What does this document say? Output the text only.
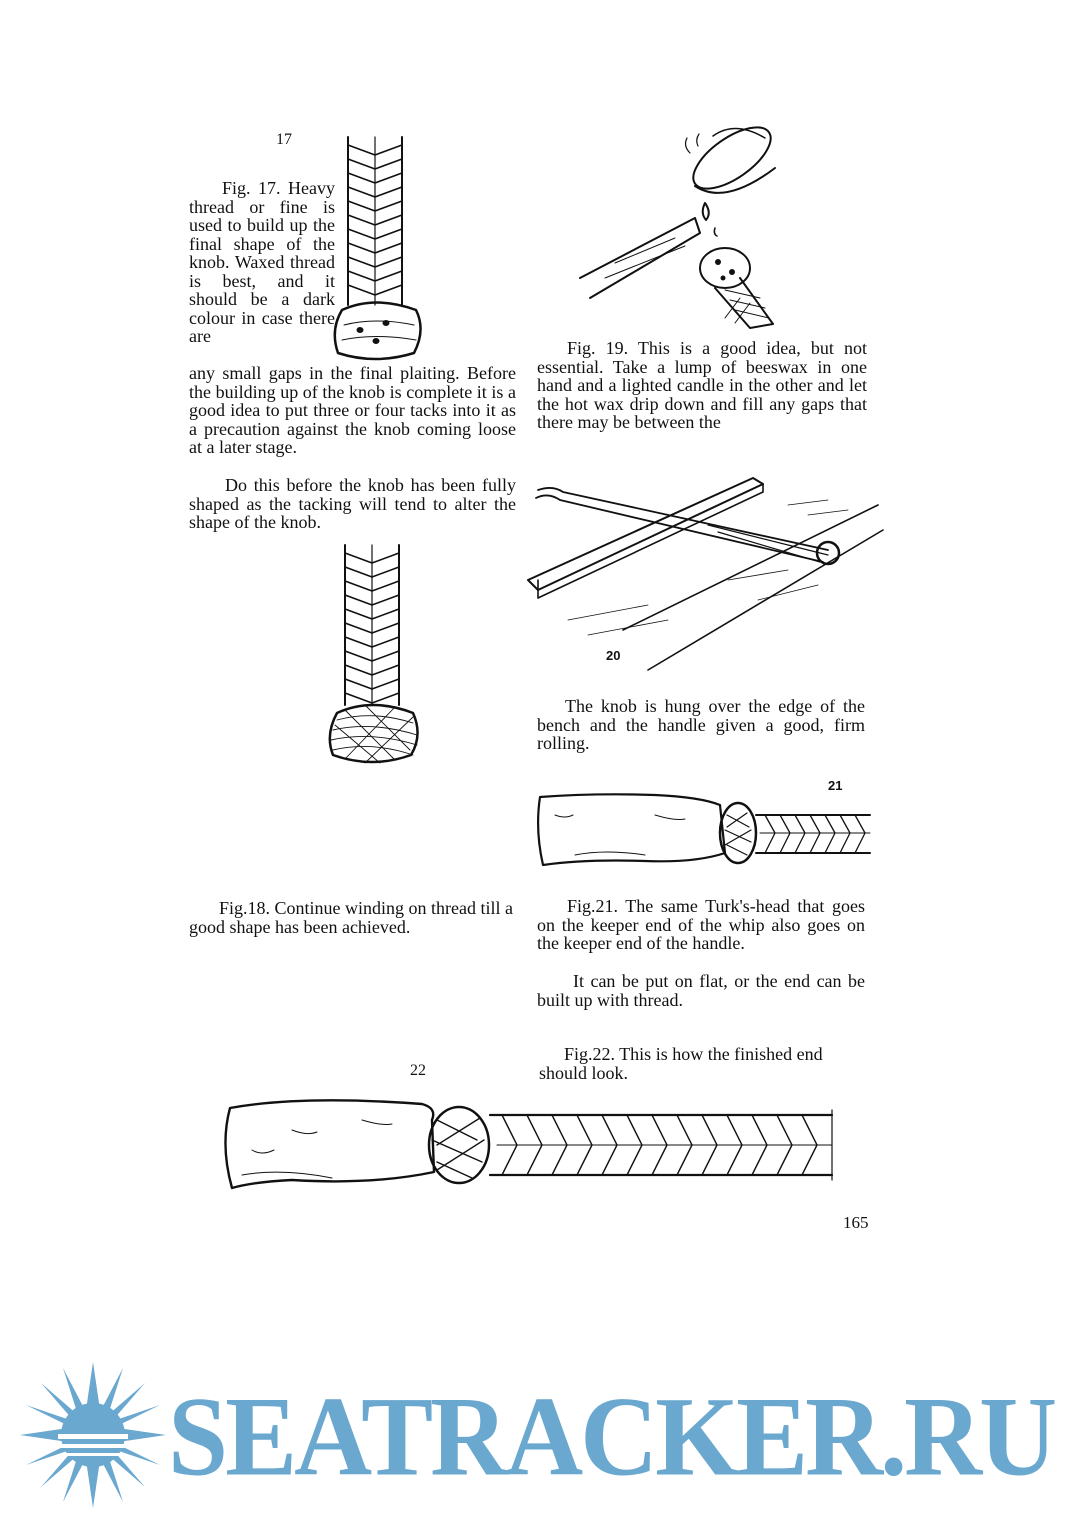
17
Fig. 17. Heavy thread or fine is used to build up the final shape of the knob. Waxed thread is best, and it should be a dark colour in case there are
any small gaps in the final plaiting. Before the building up of the knob is complete it is a good idea to put three or four tacks into it as a precaution against the knob coming loose at a later stage.
Do this before the knob has been fully shaped as the tacking will tend to alter the shape of the knob.
Fig.18. Continue winding on thread till a good shape has been achieved.
Fig. 19. This is a good idea, but not essential. Take a lump of beeswax in one hand and a lighted candle in the other and let the hot wax drip down and fill any gaps that there may be between the
20
The knob is hung over the edge of the bench and the handle given a good, firm rolling.
21
Fig.21. The same Turk's-head that goes on the keeper end of the whip also goes on the keeper end of the handle.
It can be put on flat, or the end can be built up with thread.
Fig.22. This is how the finished end should look.
22
165
SEATRACKER.RU
